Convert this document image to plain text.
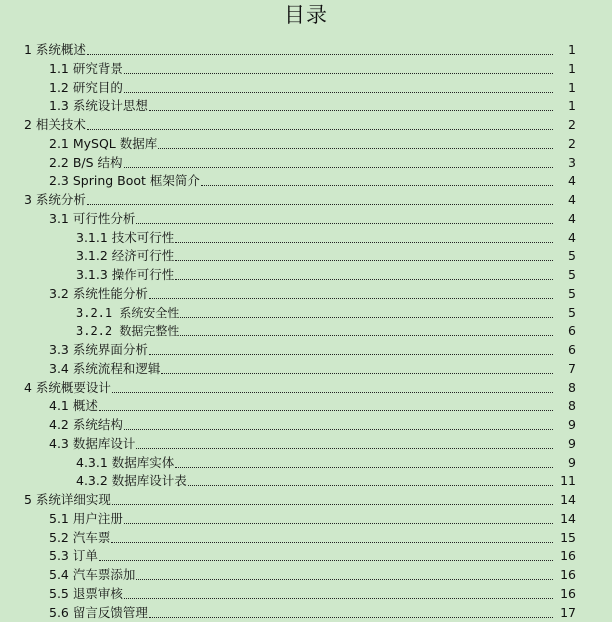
目录
1 系统概述	1
1.1 研究背景	1
1.2 研究目的	1
1.3 系统设计思想	1
2 相关技术	2
2.1 MySQL 数据库	2
2.2 B/S 结构	3
2.3 Spring Boot 框架简介	4
3 系统分析	4
3.1 可行性分析	4
3.1.1 技术可行性	4
3.1.2 经济可行性	5
3.1.3 操作可行性	5
3.2 系统性能分析	5
3.2.1 系统安全性	5
3.2.2 数据完整性	6
3.3 系统界面分析	6
3.4 系统流程和逻辑	7
4 系统概要设计	8
4.1 概述	8
4.2 系统结构	9
4.3 数据库设计	9
4.3.1 数据库实体	9
4.3.2 数据库设计表	11
5 系统详细实现	14
5.1 用户注册	14
5.2 汽车票	15
5.3 订单	16
5.4 汽车票添加	16
5.5 退票审核	16
5.6 留言反馈管理	17
